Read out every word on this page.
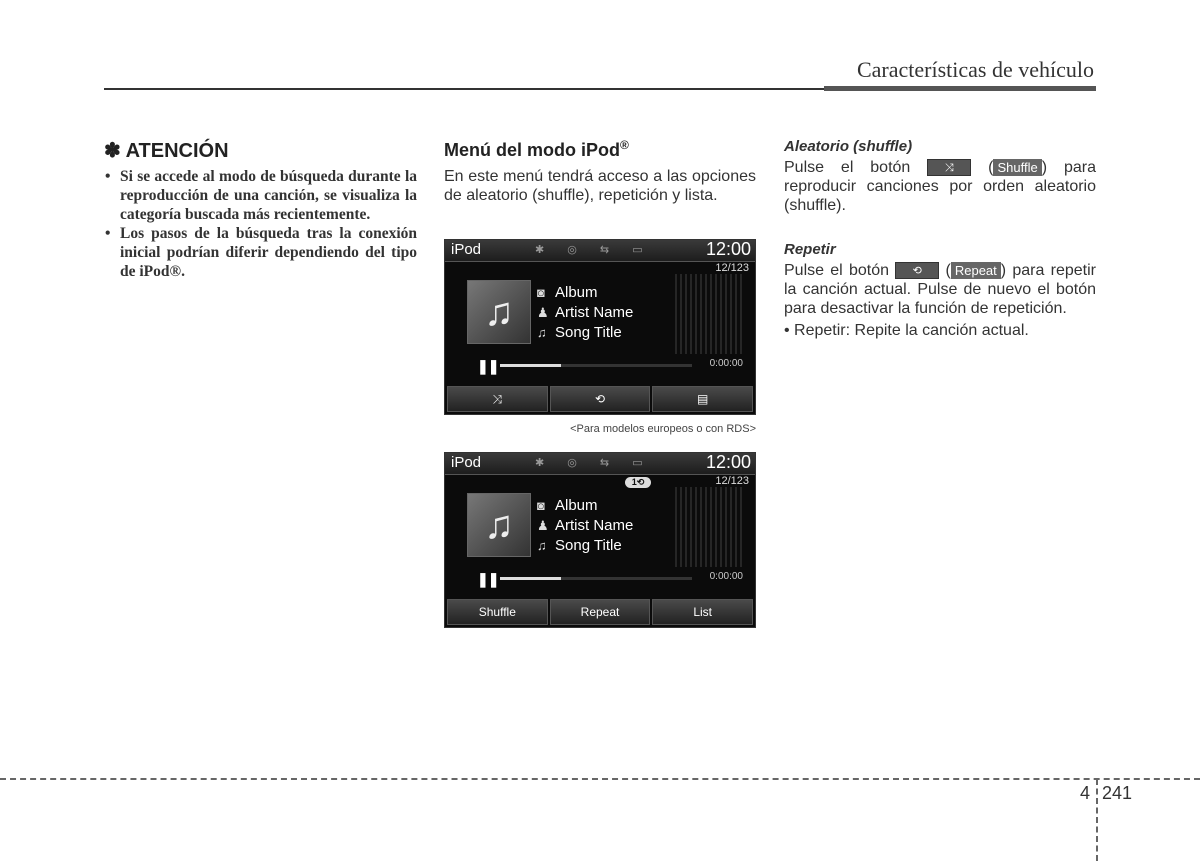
Características de vehículo
✽ ATENCIÓN
• Si se accede al modo de búsqueda durante la reproducción de una canción, se visualiza la categoría buscada más recientemente.
• Los pasos de la búsqueda tras la conexión inicial podrían diferir dependiendo del tipo de iPod®.
Menú del modo iPod®
En este menú tendrá acceso a las opciones de aleatorio (shuffle), repetición y lista.
iPod	✱ ◎ ⇆ ▭	12:00
12/123
♫	◙ Album
♟ Artist Name
♫ Song Title
❚❚	0:00:00
⤨	⟲	▤
<Para modelos europeos o con RDS>
iPod	✱ ◎ ⇆ ▭	12:00
1⟲	12/123
♫	◙ Album
♟ Artist Name
♫ Song Title
❚❚	0:00:00
Shuffle	Repeat	List
Aleatorio (shuffle)
Pulse el botón	⤨ ( Shuffle ) para reproducir canciones por orden aleatorio (shuffle).
Repetir
Pulse el botón ⟲ ( Repeat ) para repetir la canción actual. Pulse de nuevo el botón para desactivar la función de repetición.
• Repetir: Repite la canción actual.
4 241
